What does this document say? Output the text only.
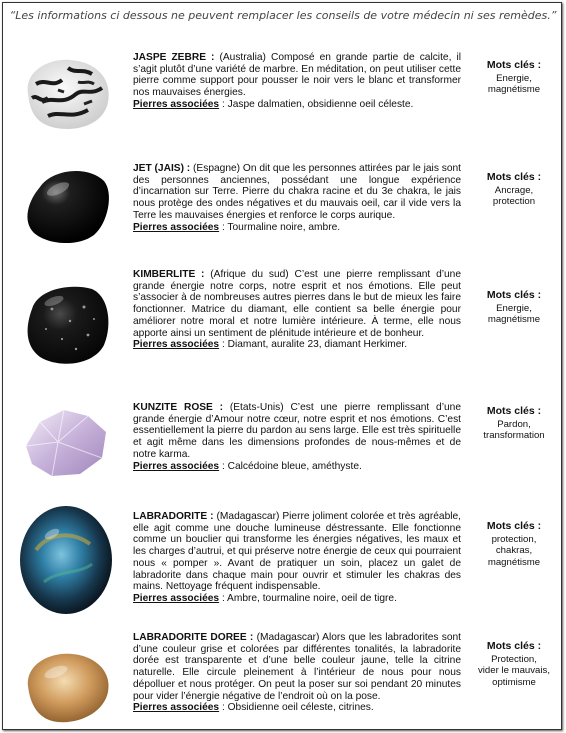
“Les informations ci dessous ne peuvent remplacer les conseils de votre médecin ni ses remèdes.”
JASPE ZEBRE : (Australia) Composé en grande partie de calcite, il s’agit plutôt d’une variété de marbre. En méditation, on peut utiliser cette pierre comme support pour pousser le noir vers le blanc et transformer nos mauvaises énergies.
Pierres associées : Jaspe dalmatien, obsidienne oeil céleste.
Mots clés :
Energie,
magnétisme
JET (JAIS) : (Espagne) On dit que les personnes attirées par le jais sont des personnes anciennes, possédant une longue expérience d’incarnation sur Terre. Pierre du chakra racine et du 3e chakra, le jais nous protège des ondes négatives et du mauvais oeil, car il vide vers la Terre les mauvaises énergies et renforce le corps aurique.
Pierres associées : Tourmaline noire, ambre.
Mots clés :
Ancrage,
protection
KIMBERLITE : (Afrique du sud) C’est une pierre remplissant d’une grande énergie notre corps, notre esprit et nos émotions. Elle peut s’associer à de nombreuses autres pierres dans le but de mieux les faire fonctionner. Matrice du diamant, elle contient sa belle énergie pour améliorer notre moral et notre lumière intérieure. À terme, elle nous apporte ainsi un sentiment de plénitude intérieure et de bonheur.
Pierres associées : Diamant, auralite 23, diamant Herkimer.
Mots clés :
Energie,
magnétisme
KUNZITE ROSE : (Etats-Unis) C’est une pierre remplissant d’une grande énergie d’Amour notre cœur, notre esprit et nos émotions. C’est essentiellement la pierre du pardon au sens large. Elle est très spirituelle et agit même dans les dimensions profondes de nous-mêmes et de notre karma.
Pierres associées : Calcédoine bleue, améthyste.
Mots clés :
Pardon,
transformation
LABRADORITE : (Madagascar) Pierre joliment colorée et très agréable, elle agit comme une douche lumineuse déstressante. Elle fonctionne comme un bouclier qui transforme les énergies négatives, les maux et les charges d’autrui, et qui préserve notre énergie de ceux qui pourraient nous « pomper ». Avant de pratiquer un soin, placez un galet de labradorite dans chaque main pour ouvrir et stimuler les chakras des mains. Nettoyage fréquent indispensable.
Pierres associées : Ambre, tourmaline noire, oeil de tigre.
Mots clés :
protection,
chakras,
magnétisme
LABRADORITE DOREE : (Madagascar) Alors que les labradorites sont d’une couleur grise et colorées par différentes tonalités, la labradorite dorée est transparente et d’une belle couleur jaune, telle la citrine naturelle. Elle circule pleinement à l’intérieur de nous pour nous dépolluer et nous protéger. On peut la poser sur soi pendant 20 minutes pour vider l’énergie négative de l’endroit où on la pose.
Pierres associées : Obsidienne oeil céleste, citrines.
Mots clés :
Protection,
vider le mauvais,
optimisme
